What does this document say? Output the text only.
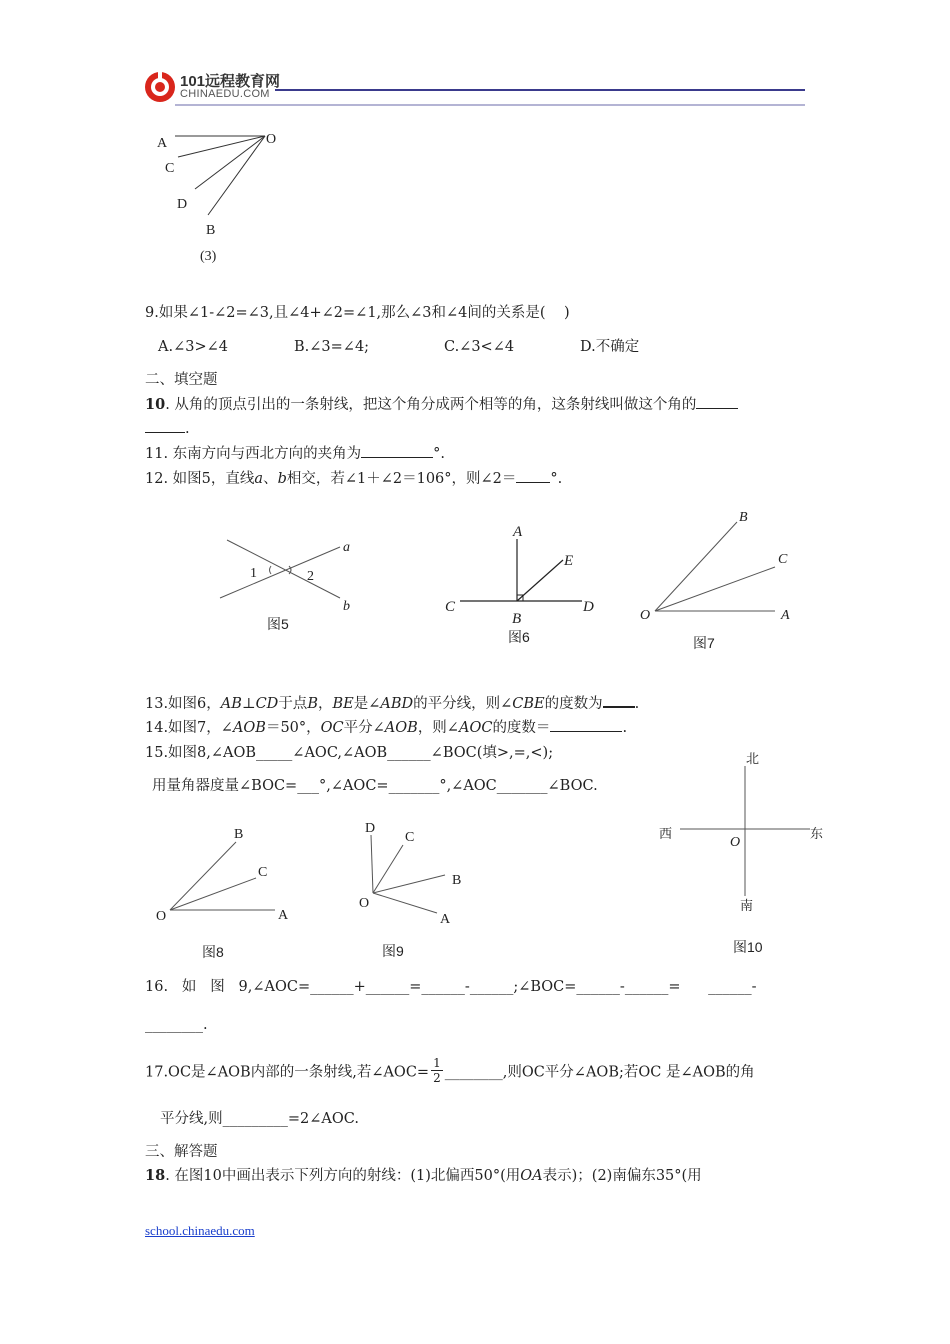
101远程教育网
CHINAEDU.COM
A
C
D
B
O
(3)
9.如果∠1-∠2=∠3,且∠4+∠2=∠1,那么∠3和∠4间的关系是(    )
A.∠3>∠4	B.∠3=∠4;	C.∠3<∠4	D.不确定
二、填空题
10. 从角的顶点引出的一条射线，把这个角分成两个相等的角，这条射线叫做这个角的
.
11. 东南方向与西北方向的夹角为	°.
12. 如图5，直线a、b相交，若∠1＋∠2＝106°，则∠2＝ °.
a
b
1	2
图5
A
E
C
B
D
图6
B
C
O	A
图7
13.如图6，AB⊥CD于点B，BE是∠ABD的平分线，则∠CBE的度数为 .
14.如图7，∠AOB＝50°，OC平分∠AOB，则∠AOC的度数＝	.
15.如图8,∠AOB_____∠AOC,∠AOB______∠BOC(填>,=,<);
用量角器度量∠BOC=___°,∠AOC=_______°,∠AOC_______∠BOC.
北
西	东
O
南
图10
B
C
O	A
图8
D
C
B
O
A
图9
16.   如   图   9,∠AOC=______+______=______-______;∠BOC=______-______=      ______-
________.
17.OC是∠AOB内部的一条射线,若∠AOC= $\frac{1}{2}$ ________,则OC平分∠AOB;若OC 是∠AOB的角
平分线,则_________=2∠AOC.
三、解答题
18. 在图10中画出表示下列方向的射线：(1)北偏西50°(用OA表示)；(2)南偏东35°(用
school.chinaedu.com
